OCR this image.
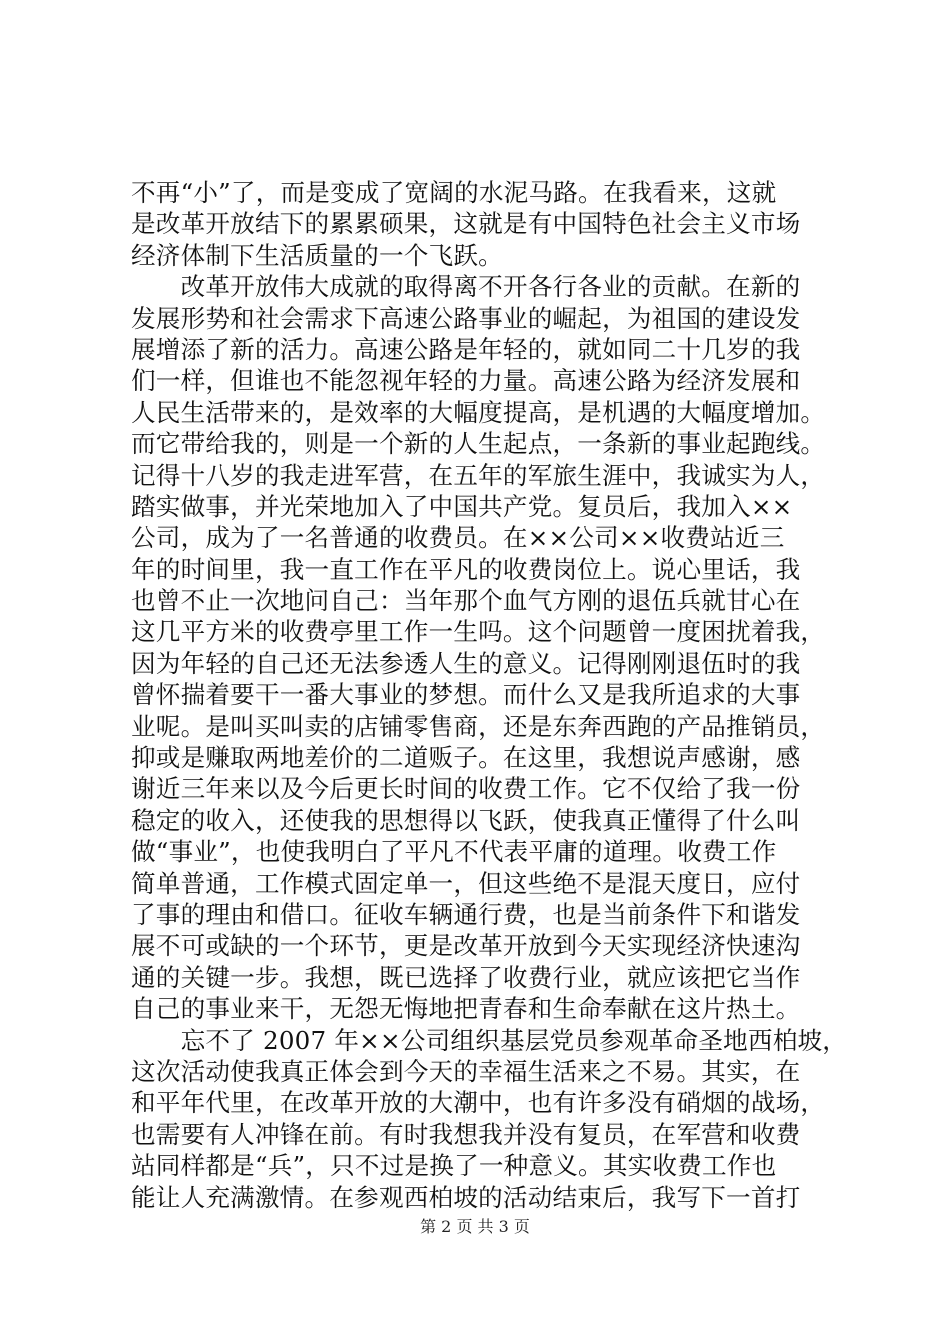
不再“小”了，而是变成了宽阔的水泥马路。在我看来，这就
是改革开放结下的累累硕果，这就是有中国特色社会主义市场
经济体制下生活质量的一个飞跃。
　　改革开放伟大成就的取得离不开各行各业的贡献。在新的
发展形势和社会需求下高速公路事业的崛起，为祖国的建设发
展增添了新的活力。高速公路是年轻的，就如同二十几岁的我
们一样，但谁也不能忽视年轻的力量。高速公路为经济发展和
人民生活带来的，是效率的大幅度提高，是机遇的大幅度增加。
而它带给我的，则是一个新的人生起点，一条新的事业起跑线。
记得十八岁的我走进军营，在五年的军旅生涯中，我诚实为人，
踏实做事，并光荣地加入了中国共产党。复员后，我加入××
公司，成为了一名普通的收费员。在××公司××收费站近三
年的时间里，我一直工作在平凡的收费岗位上。说心里话，我
也曾不止一次地问自己：当年那个血气方刚的退伍兵就甘心在
这几平方米的收费亭里工作一生吗。这个问题曾一度困扰着我，
因为年轻的自己还无法参透人生的意义。记得刚刚退伍时的我
曾怀揣着要干一番大事业的梦想。而什么又是我所追求的大事
业呢。是叫买叫卖的店铺零售商，还是东奔西跑的产品推销员，
抑或是赚取两地差价的二道贩子。在这里，我想说声感谢，感
谢近三年来以及今后更长时间的收费工作。它不仅给了我一份
稳定的收入，还使我的思想得以飞跃，使我真正懂得了什么叫
做“事业”，也使我明白了平凡不代表平庸的道理。收费工作
简单普通，工作模式固定单一，但这些绝不是混天度日，应付
了事的理由和借口。征收车辆通行费，也是当前条件下和谐发
展不可或缺的一个环节，更是改革开放到今天实现经济快速沟
通的关键一步。我想，既已选择了收费行业，就应该把它当作
自己的事业来干，无怨无悔地把青春和生命奉献在这片热土。
　　忘不了 2007 年××公司组织基层党员参观革命圣地西柏坡，
这次活动使我真正体会到今天的幸福生活来之不易。其实，在
和平年代里，在改革开放的大潮中，也有许多没有硝烟的战场，
也需要有人冲锋在前。有时我想我并没有复员，在军营和收费
站同样都是“兵”，只不过是换了一种意义。其实收费工作也
能让人充满激情。在参观西柏坡的活动结束后，我写下一首打
第 2 页 共 3 页
